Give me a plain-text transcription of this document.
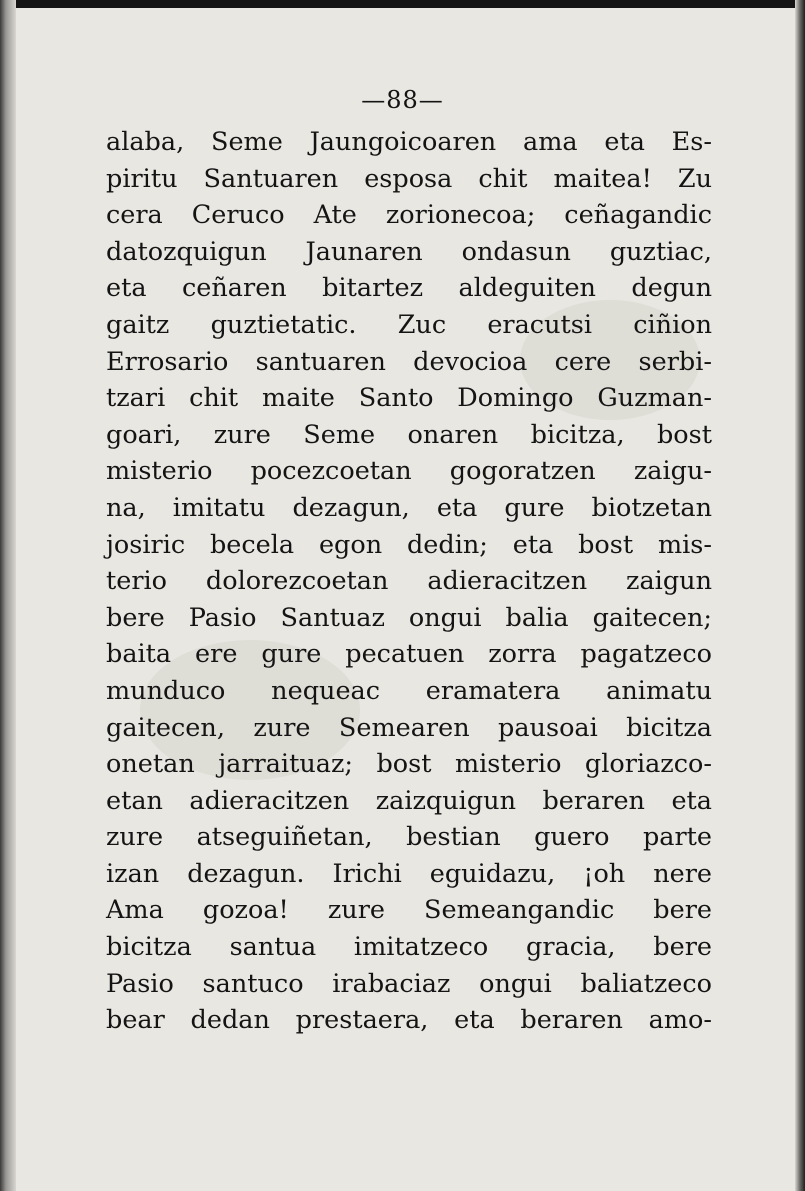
—88—
alaba, Seme Jaungoicoaren ama eta Es-
piritu Santuaren esposa chit maitea! Zu
cera Ceruco Ate zorionecoa; ceñagandic
datozquigun Jaunaren ondasun guztiac,
eta ceñaren bitartez aldeguiten degun
gaitz guztietatic. Zuc eracutsi ciñion
Errosario santuaren devocioa cere serbi-
tzari chit maite Santo Domingo Guzman-
goari, zure Seme onaren bicitza, bost
misterio pocezcoetan gogoratzen zaigu-
na, imitatu dezagun, eta gure biotzetan
josiric becela egon dedin; eta bost mis-
terio dolorezcoetan adieracitzen zaigun
bere Pasio Santuaz ongui balia gaitecen;
baita ere gure pecatuen zorra pagatzeco
munduco nequeac eramatera animatu
gaitecen, zure Semearen pausoai bicitza
onetan jarraituaz; bost misterio gloriazco-
etan adieracitzen zaizquigun beraren eta
zure atseguiñetan, bestian guero parte
izan dezagun. Irichi eguidazu, ¡oh nere
Ama gozoa! zure Semeangandic bere
bicitza santua imitatzeco gracia, bere
Pasio santuco irabaciaz ongui baliatzeco
bear dedan prestaera, eta beraren amo-
